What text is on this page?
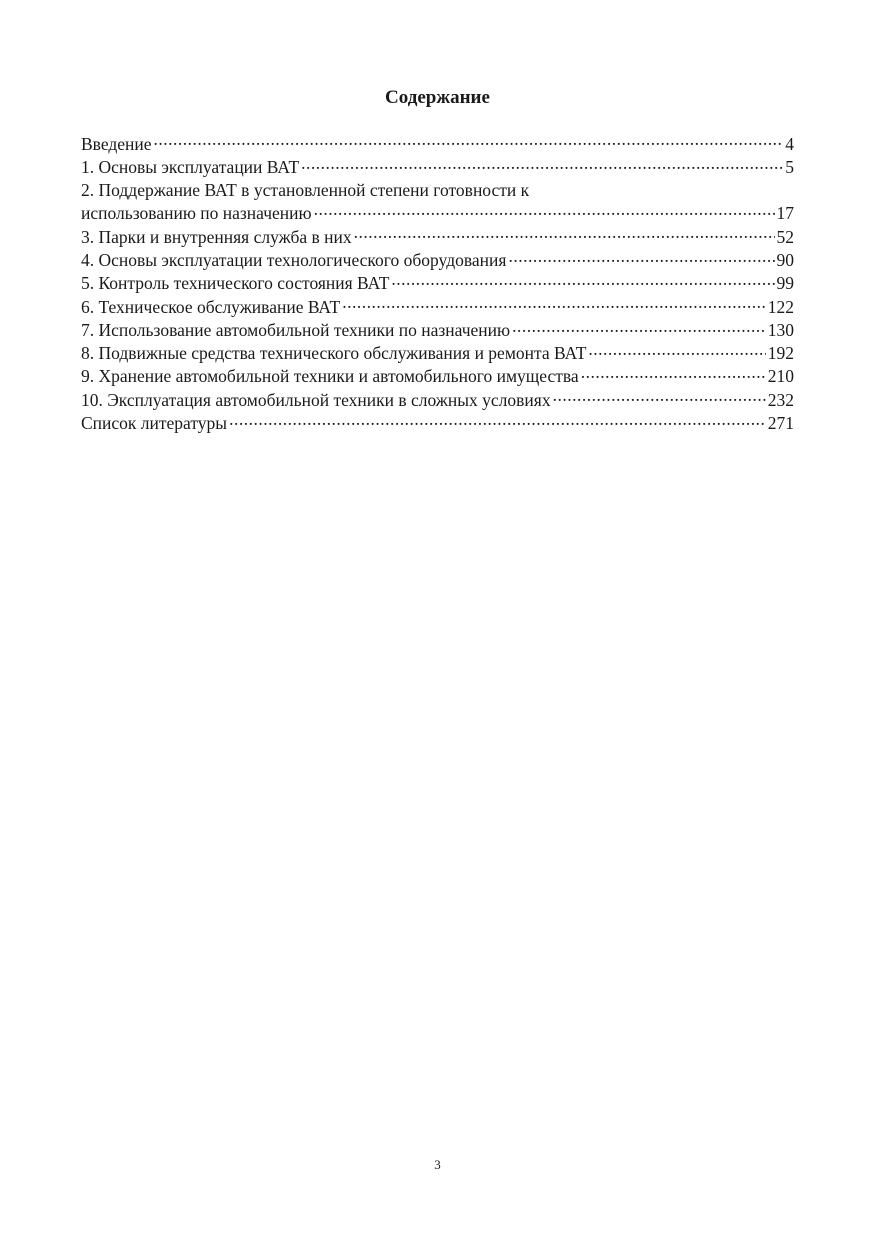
Содержание
Введение .....	4
1. Основы эксплуатации ВАТ .....	5
2. Поддержание ВАТ в установленной степени готовности к
использованию по назначению .....	17
3. Парки и внутренняя служба в них .....	52
4. Основы эксплуатации технологического оборудования .....	90
5. Контроль технического состояния ВАТ .....	99
6. Техническое обслуживание ВАТ .....	122
7. Использование автомобильной техники по назначению .....	130
8. Подвижные средства технического обслуживания и ремонта ВАТ .....	192
9. Хранение автомобильной техники и автомобильного имущества .....	210
10. Эксплуатация автомобильной техники в сложных условиях .....	232
Список литературы .....	271
3
